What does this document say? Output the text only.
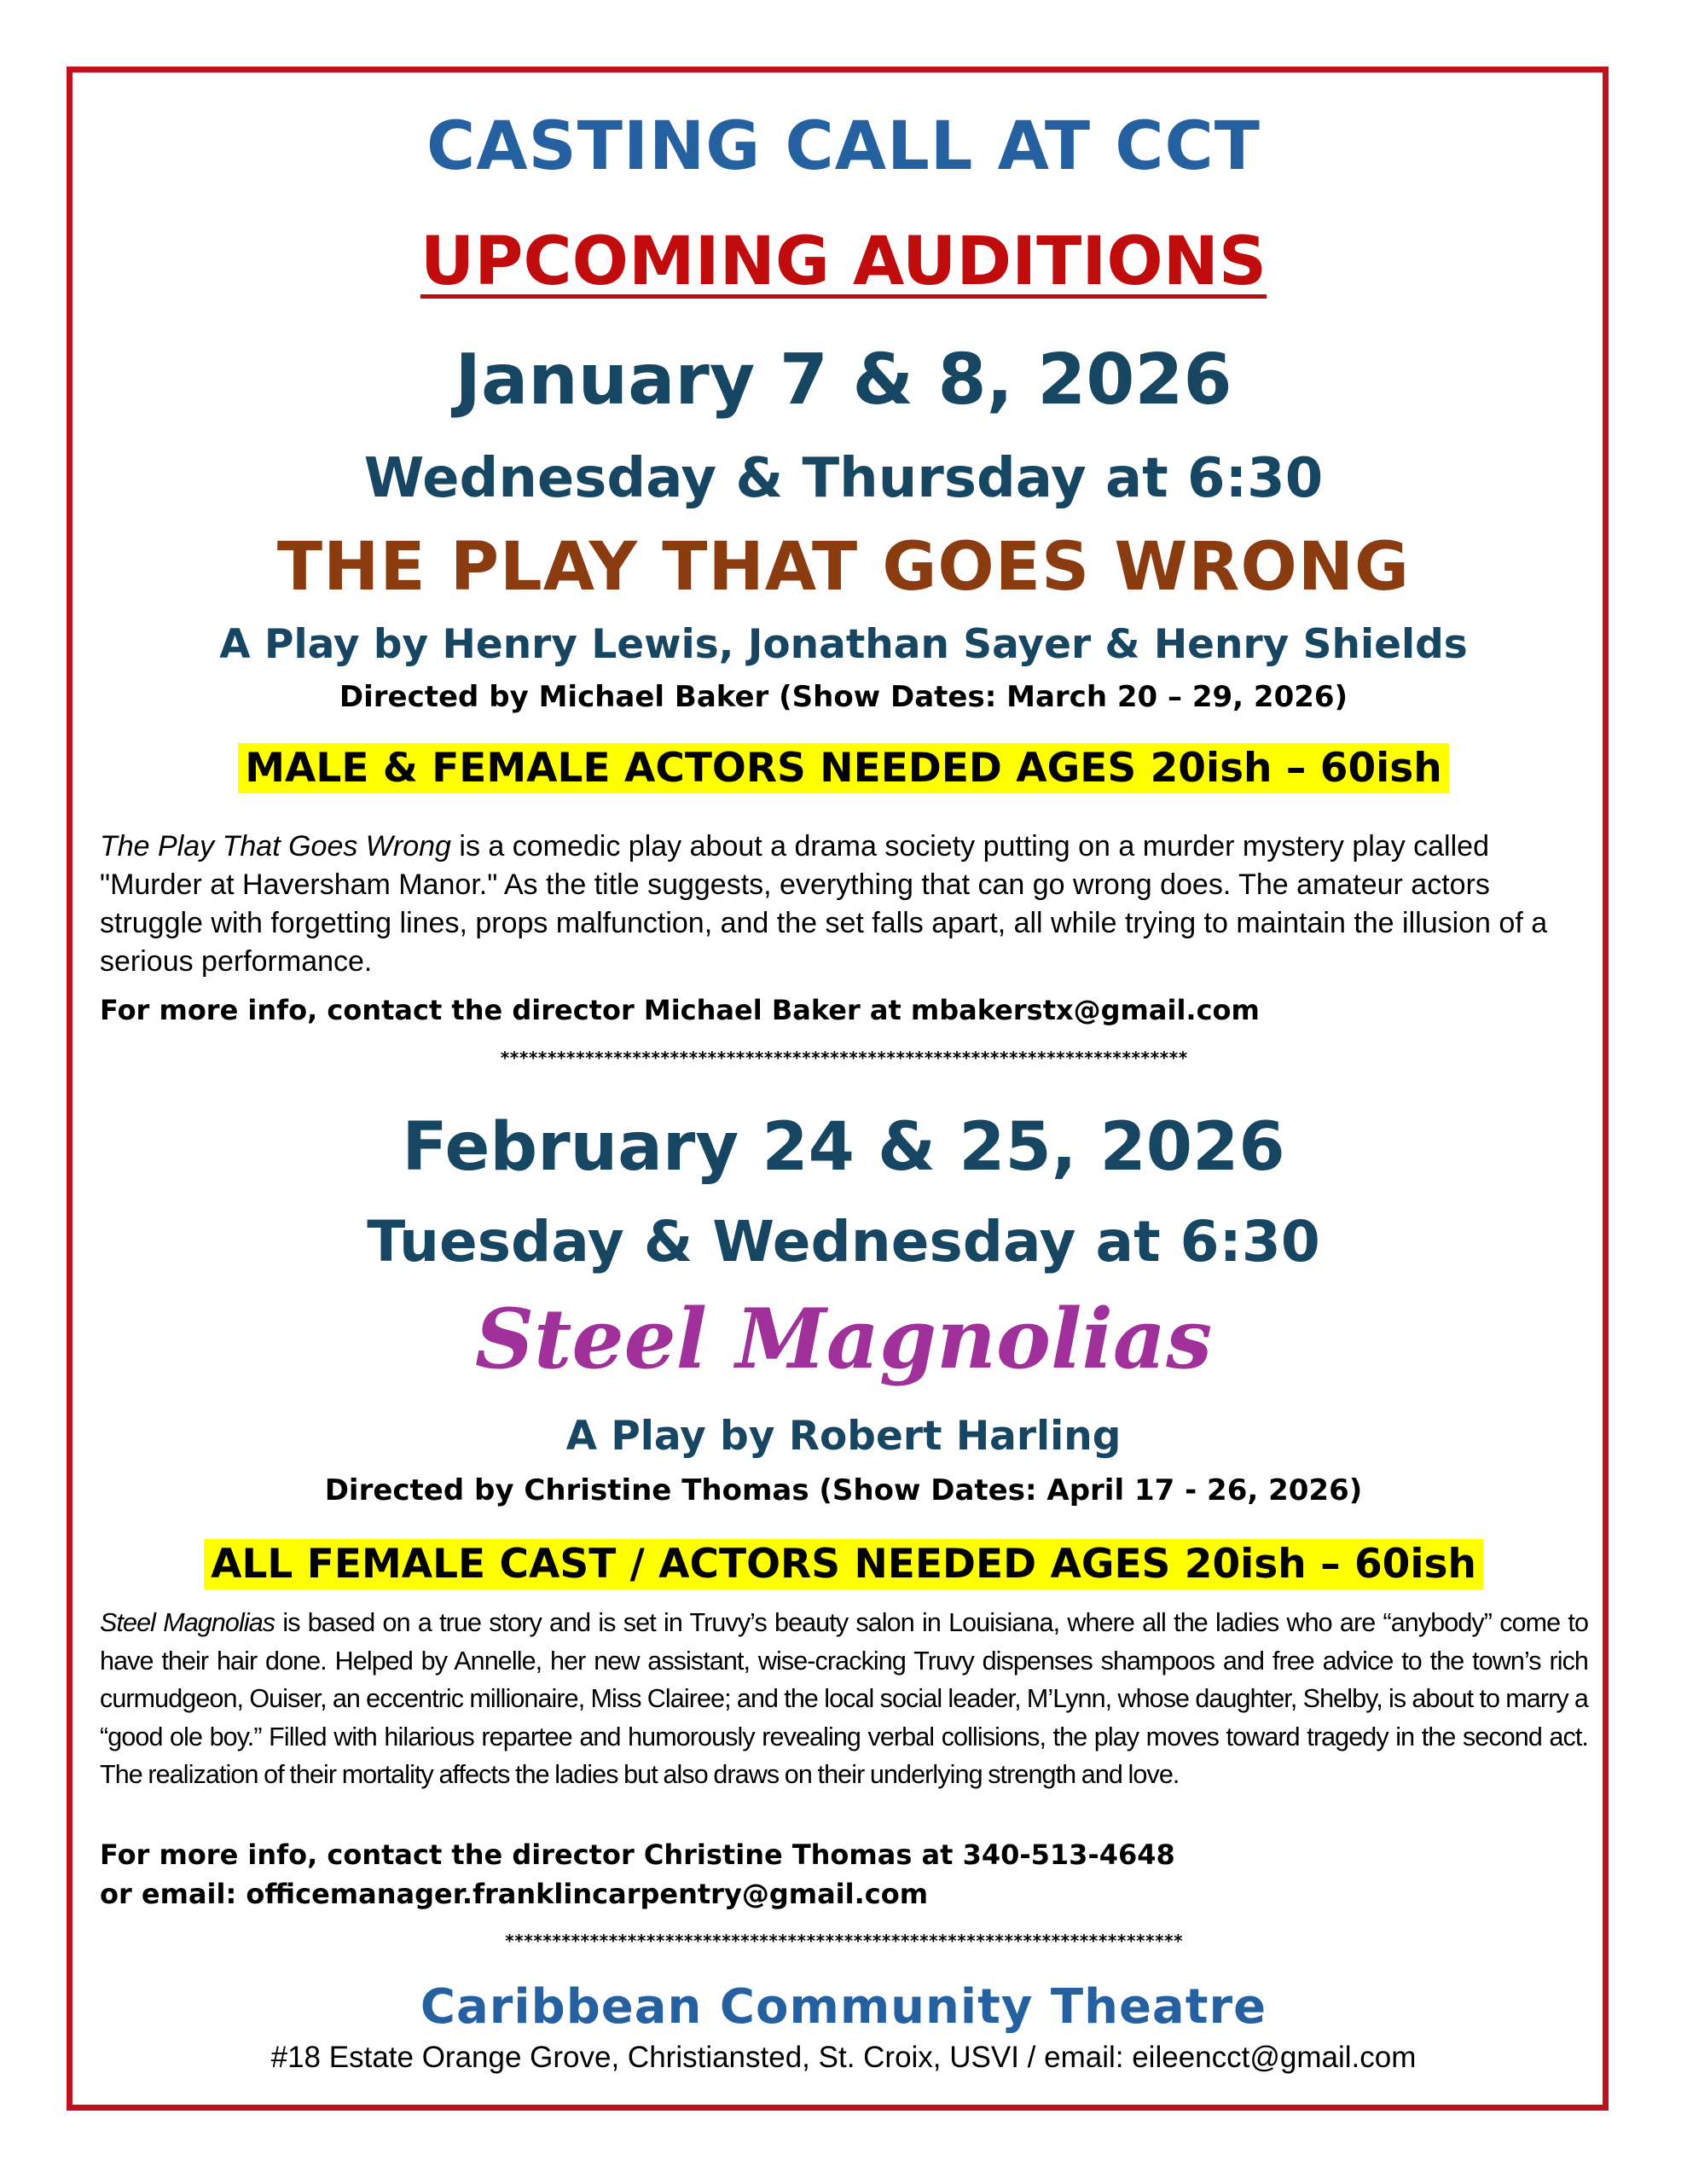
CASTING CALL AT CCT
UPCOMING AUDITIONS
January 7 & 8, 2026
Wednesday & Thursday at 6:30
THE PLAY THAT GOES WRONG
A Play by Henry Lewis, Jonathan Sayer & Henry Shields
Directed by Michael Baker (Show Dates: March 20 – 29, 2026)
MALE & FEMALE ACTORS NEEDED AGES 20ish – 60ish
The Play That Goes Wrong is a comedic play about a drama society putting on a murder mystery play called "Murder at Haversham Manor." As the title suggests, everything that can go wrong does. The amateur actors struggle with forgetting lines, props malfunction, and the set falls apart, all while trying to maintain the illusion of a serious performance.
For more info, contact the director Michael Baker at mbakerstx@gmail.com
*************************************************************************
February 24 & 25, 2026
Tuesday & Wednesday at 6:30
Steel Magnolias
A Play by Robert Harling
Directed by Christine Thomas (Show Dates: April 17 - 26, 2026)
ALL FEMALE CAST / ACTORS NEEDED AGES 20ish – 60ish
Steel Magnolias is based on a true story and is set in Truvy’s beauty salon in Louisiana, where all the ladies who are “anybody” come to have their hair done. Helped by Annelle, her new assistant, wise-cracking Truvy dispenses shampoos and free advice to the town’s rich curmudgeon, Ouiser, an eccentric millionaire, Miss Clairee; and the local social leader, M’Lynn, whose daughter, Shelby, is about to marry a “good ole boy.” Filled with hilarious repartee and humorously revealing verbal collisions, the play moves toward tragedy in the second act. The realization of their mortality affects the ladies but also draws on their underlying strength and love.
For more info, contact the director Christine Thomas at 340-513-4648
or email: officemanager.franklincarpentry@gmail.com
************************************************************************
Caribbean Community Theatre
#18 Estate Orange Grove, Christiansted, St. Croix, USVI / email: eileencct@gmail.com
